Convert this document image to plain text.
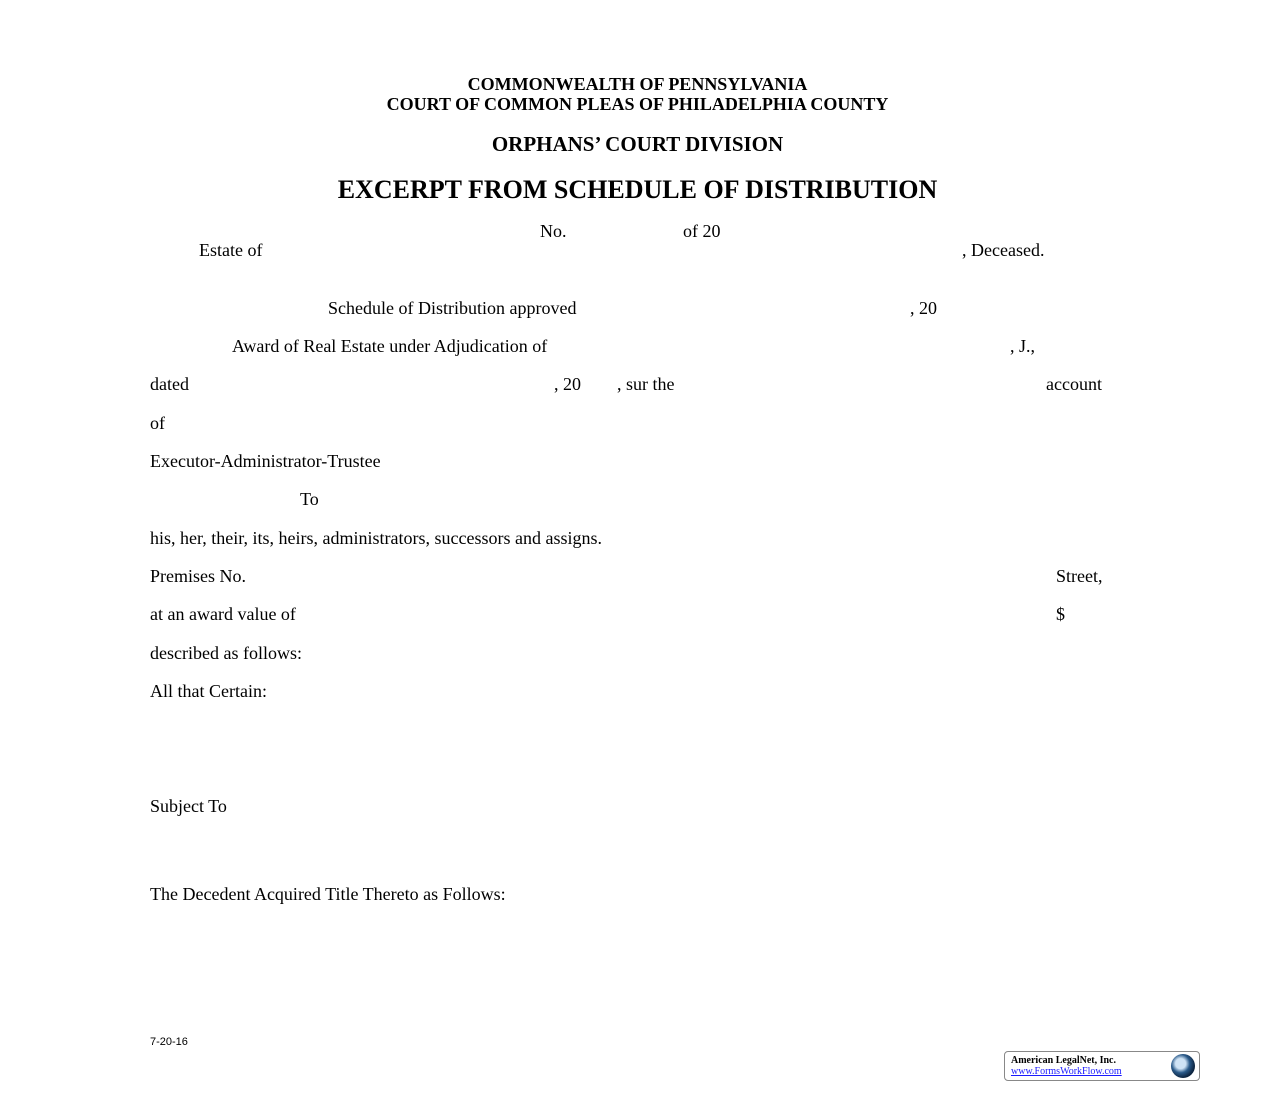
COMMONWEALTH OF PENNSYLVANIA
COURT OF COMMON PLEAS OF PHILADELPHIA COUNTY
ORPHANS’ COURT DIVISION
EXCERPT FROM SCHEDULE OF DISTRIBUTION
No.	of 20
Estate of	, Deceased.
Schedule of Distribution approved	, 20
Award of Real Estate under Adjudication of	, J.,
dated	, 20 , sur the	account
of
Executor-Administrator-Trustee
To
his, her, their, its, heirs, administrators, successors and assigns.
Premises No.	Street,
at an award value of	$
described as follows:
All that Certain:
Subject To
The Decedent Acquired Title Thereto as Follows:
7-20-16
American LegalNet, Inc.
www.FormsWorkFlow.com
